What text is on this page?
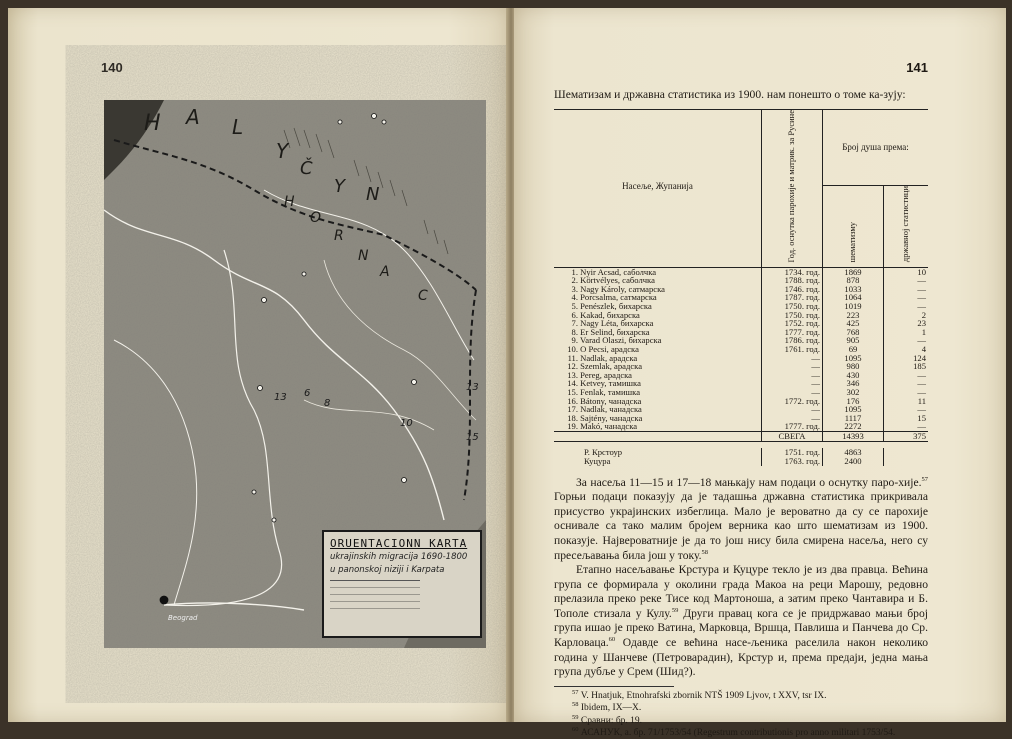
140
H A L
Y
Č
Y N
H
O
R
N
A
C
13 6
8
10
13
15
Beograd
ORUENTACIONN KARTA
ukrajinskih migracija 1690-1800
u panonskoj niziji i Karpata
141

Шематизам и државна статистика из 1900. нам понешто о томе ка-зују:

Насеље, Жупанија	Год. оснутка парохије и матрик. за Русине	Број душа према:	
		шематизму	државној статистици

1. Nyir Acsad, саболчка	1734. год.	1869	10
2. Körtvélyes, саболчка	1788. год.	878	—
3. Nagy Károly, сатмарска	1746. год.	1033	—
4. Porcsalma, сатмарска	1787. год.	1064	—
5. Penészlek, бихарска	1750. год.	1019	—
6. Kakad, бихарска	1750. год.	223	2
7. Nagy Léta, бихарска	1752. год.	425	23
8. Er Selind, бихарска	1777. год.	768	1
9. Varad Olaszi, бихарска	1786. год.	905	—
10. O Pecsi, арадска	1761. год.	69	4
11. Nadlak, арадска	—	1095	124
12. Szemlak, арадска	—	980	185
13. Pereg, арадска	—	430	—
14. Ketvey, тамишка	—	346	—
15. Fenlak, тамишка	—	302	—
16. Bátony, чанадска	1772. год.	176	11
17. Nadlak, чанадска	—	1095	—
18. Sajtény, чанадска	—	1117	15
19. Makó, чанадска	1777. год.	2272	—
	СВЕГА	14393	375

Р. Крстоур	1751. год.	4863	
Куцура	1763. год.	2400	

За насеља 11—15 и 17—18 мањкају нам подаци о оснутку паро-хије.$^{57}$ Горњи подаци показују да је тадашња државна статистика прикривала присуство украјинских избеглица. Мало је вероватно да су се парохије оснивале са тако малим бројем верника као што шематизам из 1900. показује. Највероватније је да то још нису била смирена насеља, него су пресељавања била још у току.$^{58}$

Етапно насељавање Крстура и Куцуре текло је из два правца. Већина група се формирала у околини града Макоа на реци Марошу, редовно прелазила преко реке Тисе код Мартоноша, а затим преко Чантавира и Б. Тополе стизала у Кулу.$^{59}$ Други правац кога се је придржавао мањи број група ишао је преко Ватина, Марковца, Вршца, Павлиша и Панчева до Ср. Карловаца.$^{60}$ Одавде се већина насе-љеника раселила након неколико година у Шанчеве (Петроварадин), Крстур и, према предаји, једна мања група дубље у Срем (Шид?).

$^{57}$ V. Hnatjuk, Etnohrafski zbornik NTŠ 1909 Ljvov, t XXV, tsr IX.

$^{58}$ Ibidem, IX—X.

$^{59}$ Сравни: бр. 19.

$^{60}$ АСАНУК, а. бр. 71/1753/54 (Regestrum contributionis pro anno militari 1753/54.
